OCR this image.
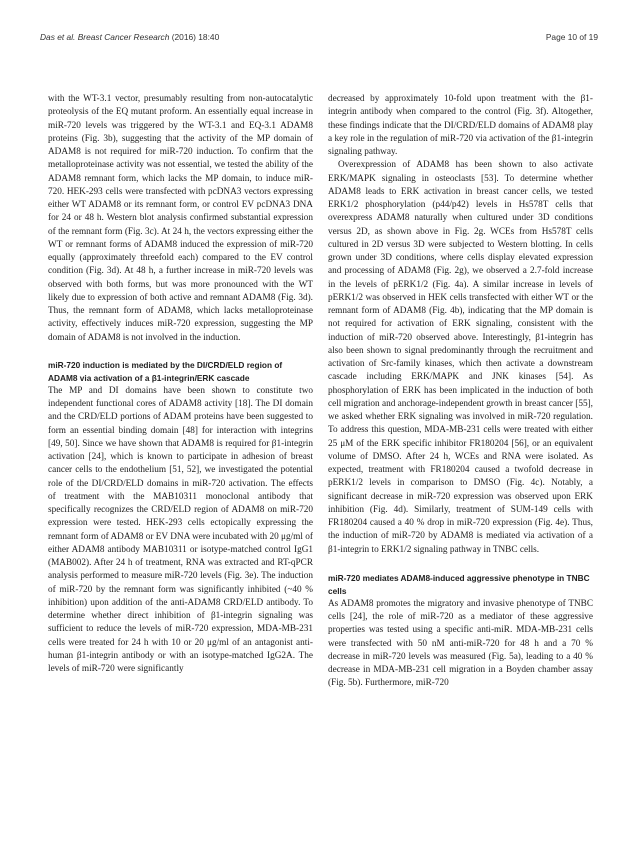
Das et al. Breast Cancer Research (2016) 18:40	Page 10 of 19

with the WT-3.1 vector, presumably resulting from non-autocatalytic proteolysis of the EQ mutant proform. An essentially equal increase in miR-720 levels was triggered by the WT-3.1 and EQ-3.1 ADAM8 proteins (Fig. 3b), suggesting that the activity of the MP domain of ADAM8 is not required for miR-720 induction. To confirm that the metalloproteinase activity was not essential, we tested the ability of the ADAM8 remnant form, which lacks the MP domain, to induce miR-720. HEK-293 cells were transfected with pcDNA3 vectors expressing either WT ADAM8 or its remnant form, or control EV pcDNA3 DNA for 24 or 48 h. Western blot analysis confirmed substantial expression of the remnant form (Fig. 3c). At 24 h, the vectors expressing either the WT or remnant forms of ADAM8 induced the expression of miR-720 equally (approximately threefold each) compared to the EV control condition (Fig. 3d). At 48 h, a further increase in miR-720 levels was observed with both forms, but was more pronounced with the WT likely due to expression of both active and remnant ADAM8 (Fig. 3d). Thus, the remnant form of ADAM8, which lacks metalloproteinase activity, effectively induces miR-720 expression, suggesting the MP domain of ADAM8 is not involved in the induction.

miR-720 induction is mediated by the DI/CRD/ELD region of ADAM8 via activation of a β1-integrin/ERK cascade

The MP and DI domains have been shown to constitute two independent functional cores of ADAM8 activity [18]. The DI domain and the CRD/ELD portions of ADAM proteins have been suggested to form an essential binding domain [48] for interaction with integrins [49, 50]. Since we have shown that ADAM8 is required for β1-integrin activation [24], which is known to participate in adhesion of breast cancer cells to the endothelium [51, 52], we investigated the potential role of the DI/CRD/ELD domains in miR-720 activation. The effects of treatment with the MAB10311 monoclonal antibody that specifically recognizes the CRD/ELD region of ADAM8 on miR-720 expression were tested. HEK-293 cells ectopically expressing the remnant form of ADAM8 or EV DNA were incubated with 20 μg/ml of either ADAM8 antibody MAB10311 or isotype-matched control IgG1 (MAB002). After 24 h of treatment, RNA was extracted and RT-qPCR analysis performed to measure miR-720 levels (Fig. 3e). The induction of miR-720 by the remnant form was significantly inhibited (~40 % inhibition) upon addition of the anti-ADAM8 CRD/ELD antibody. To determine whether direct inhibition of β1-integrin signaling was sufficient to reduce the levels of miR-720 expression, MDA-MB-231 cells were treated for 24 h with 10 or 20 μg/ml of an antagonist anti-human β1-integrin antibody or with an isotype-matched IgG2A. The levels of miR-720 were significantly

decreased by approximately 10-fold upon treatment with the β1-integrin antibody when compared to the control (Fig. 3f). Altogether, these findings indicate that the DI/CRD/ELD domains of ADAM8 play a key role in the regulation of miR-720 via activation of the β1-integrin signaling pathway.

Overexpression of ADAM8 has been shown to also activate ERK/MAPK signaling in osteoclasts [53]. To determine whether ADAM8 leads to ERK activation in breast cancer cells, we tested ERK1/2 phosphorylation (p44/p42) levels in Hs578T cells that overexpress ADAM8 naturally when cultured under 3D conditions versus 2D, as shown above in Fig. 2g. WCEs from Hs578T cells cultured in 2D versus 3D were subjected to Western blotting. In cells grown under 3D conditions, where cells display elevated expression and processing of ADAM8 (Fig. 2g), we observed a 2.7-fold increase in the levels of pERK1/2 (Fig. 4a). A similar increase in levels of pERK1/2 was observed in HEK cells transfected with either WT or the remnant form of ADAM8 (Fig. 4b), indicating that the MP domain is not required for activation of ERK signaling, consistent with the induction of miR-720 observed above. Interestingly, β1-integrin has also been shown to signal predominantly through the recruitment and activation of Src-family kinases, which then activate a downstream cascade including ERK/MAPK and JNK kinases [54]. As phosphorylation of ERK has been implicated in the induction of both cell migration and anchorage-independent growth in breast cancer [55], we asked whether ERK signaling was involved in miR-720 regulation. To address this question, MDA-MB-231 cells were treated with either 25 μM of the ERK specific inhibitor FR180204 [56], or an equivalent volume of DMSO. After 24 h, WCEs and RNA were isolated. As expected, treatment with FR180204 caused a twofold decrease in pERK1/2 levels in comparison to DMSO (Fig. 4c). Notably, a significant decrease in miR-720 expression was observed upon ERK inhibition (Fig. 4d). Similarly, treatment of SUM-149 cells with FR180204 caused a 40 % drop in miR-720 expression (Fig. 4e). Thus, the induction of miR-720 by ADAM8 is mediated via activation of a β1-integrin to ERK1/2 signaling pathway in TNBC cells.

miR-720 mediates ADAM8-induced aggressive phenotype in TNBC cells

As ADAM8 promotes the migratory and invasive phenotype of TNBC cells [24], the role of miR-720 as a mediator of these aggressive properties was tested using a specific anti-miR. MDA-MB-231 cells were transfected with 50 nM anti-miR-720 for 48 h and a 70 % decrease in miR-720 levels was measured (Fig. 5a), leading to a 40 % decrease in MDA-MB-231 cell migration in a Boyden chamber assay (Fig. 5b). Furthermore, miR-720
